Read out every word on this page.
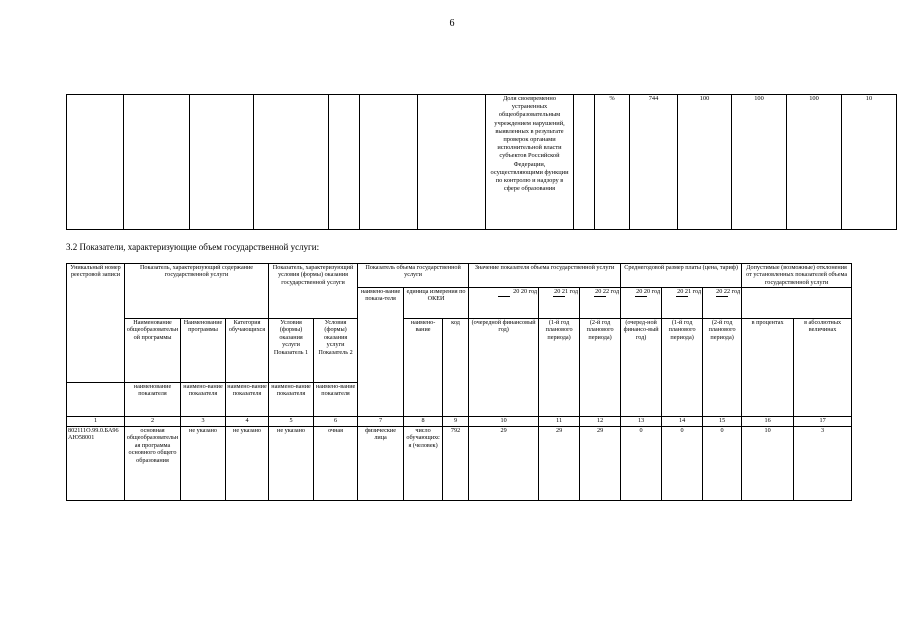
6
							Доля своевременно устраненных общеобразовательным учреждением нарушений, выявленных в результате проверок органами исполнительной власти субъектов Российской Федерации, осуществляющими функции по контролю и надзору в сфере образования		%	744	100	100	100	10	
3.2 Показатели, характеризующие объем государственной услуги:
Уникальный номер реестровой записи	Показатель, характеризующий содержание государственной услуги			Показатель, характеризующий условия (формы) оказания государственной услуги		Показатель объема государственной услуги			Значение показателя объема государственной услуги			Среднегодовой размер платы (цена, тариф)			Допустимые (возможные) отклонения от установленных показателей объема государственной услуги	
						наимено-вание показа-теля	единица измерения по ОКЕИ		20 20 год	20 21 год	20 22 год	20 20 год	20 21 год	20 22 год	

	Наименование общеобразовательной программы	Наименование программы	Категория обучающихся	Условия (формы) оказания услуги Показатель 1	Условия (формы) оказания услуги Показатель 2		наимено-вание	код	(очередной финансовый год)	(1-й год планового периода)	(2-й год планового периода)	(очеред-ной финансо-вый год)	(1-й год планового периода)	(2-й год планового периода)	в процентах	в абсолютных величинах
	наименование показателя	наимено-вание показателя	наимено-вание показателя	наимено-вание показателя	наимено-вание показателя											
1	2	3	4	5	6	7	8	9	10	11	12	13	14	15	16	17
802111О.99.0.БА96АЮ58001	основная общеобразовательная программа основного общего образования	не указано	не указано	не указано	очная	физические лица	число обучающихся (человек)	792	29	29	29	0	0	0	10	3
